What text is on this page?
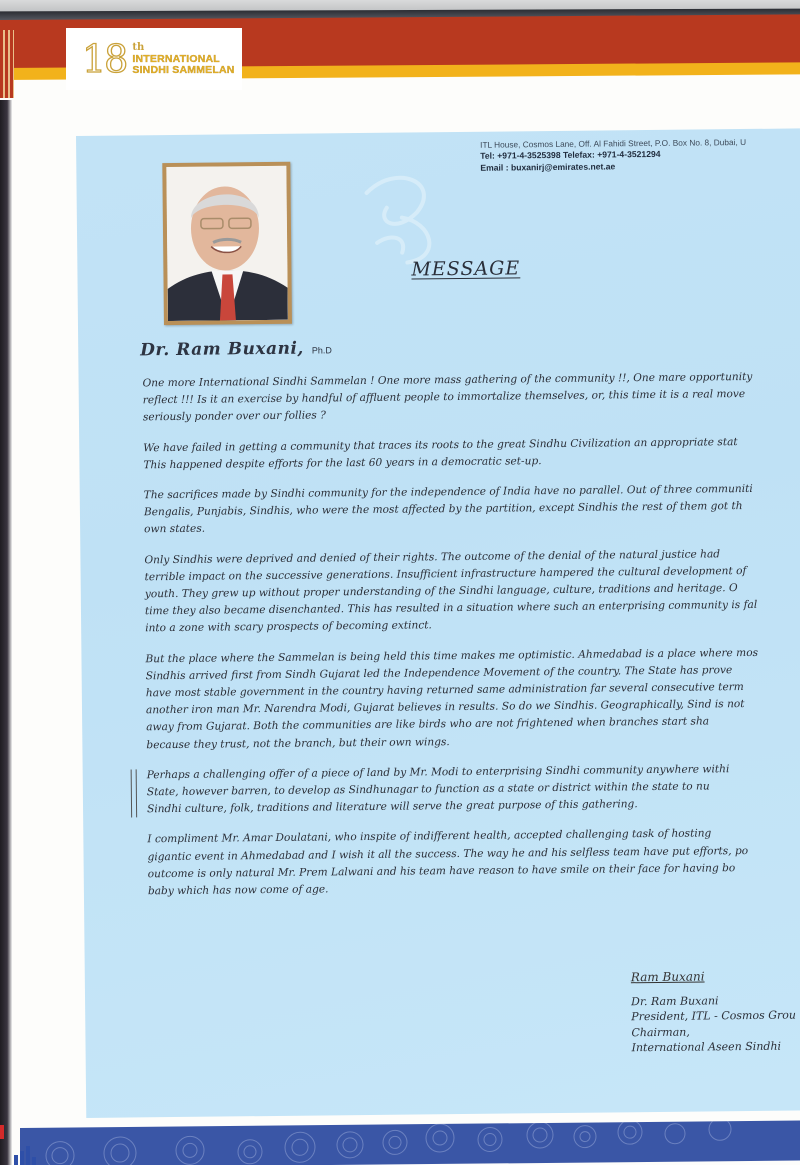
18 th
INTERNATIONAL
SINDHI SAMMELAN
ITL House, Cosmos Lane, Off. Al Fahidi Street, P.O. Box No. 8, Dubai, U
Tel: +971-4-3525398 Telefax: +971-4-3521294
Email : buxanirj@emirates.net.ae
MESSAGE
Dr. Ram Buxani, Ph.D
One more International Sindhi Sammelan ! One more mass gathering of the community !!, One mare opportunity
reflect !!! Is it an exercise by handful of affluent people to immortalize themselves, or, this time it is a real move
seriously ponder over our follies ?
We have failed in getting a community that traces its roots to the great Sindhu Civilization an appropriate stat
This happened despite efforts for the last 60 years in a democratic set-up.
The sacrifices made by Sindhi community for the independence of India have no parallel. Out of three communiti
Bengalis, Punjabis, Sindhis, who were the most affected by the partition, except Sindhis the rest of them got th
own states.
Only Sindhis were deprived and denied of their rights. The outcome of the denial of the natural justice had
terrible impact on the successive generations. Insufficient infrastructure hampered the cultural development of
youth. They grew up without proper understanding of the Sindhi language, culture, traditions and heritage. O
time they also became disenchanted. This has resulted in a situation where such an enterprising community is fal
into a zone with scary prospects of becoming extinct.
But the place where the Sammelan is being held this time makes me optimistic. Ahmedabad is a place where mos
Sindhis arrived first from Sindh Gujarat led the Independence Movement of the country. The State has prove
have most stable government in the country having returned same administration far several consecutive term
another iron man Mr. Narendra Modi, Gujarat believes in results. So do we Sindhis. Geographically, Sind is not
away from Gujarat. Both the communities are like birds who are not frightened when branches start sha
because they trust, not the branch, but their own wings.
Perhaps a challenging offer of a piece of land by Mr. Modi to enterprising Sindhi community anywhere withi
State, however barren, to develop as Sindhunagar to function as a state or district within the state to nu
Sindhi culture, folk, traditions and literature will serve the great purpose of this gathering.
I compliment Mr. Amar Doulatani, who inspite of indifferent health, accepted challenging task of hosting
gigantic event in Ahmedabad and I wish it all the success. The way he and his selfless team have put efforts, po
outcome is only natural Mr. Prem Lalwani and his team have reason to have smile on their face for having bo
baby which has now come of age.
Ram Buxani
Dr. Ram Buxani
President, ITL - Cosmos Grou
Chairman,
International Aseen Sindhi
